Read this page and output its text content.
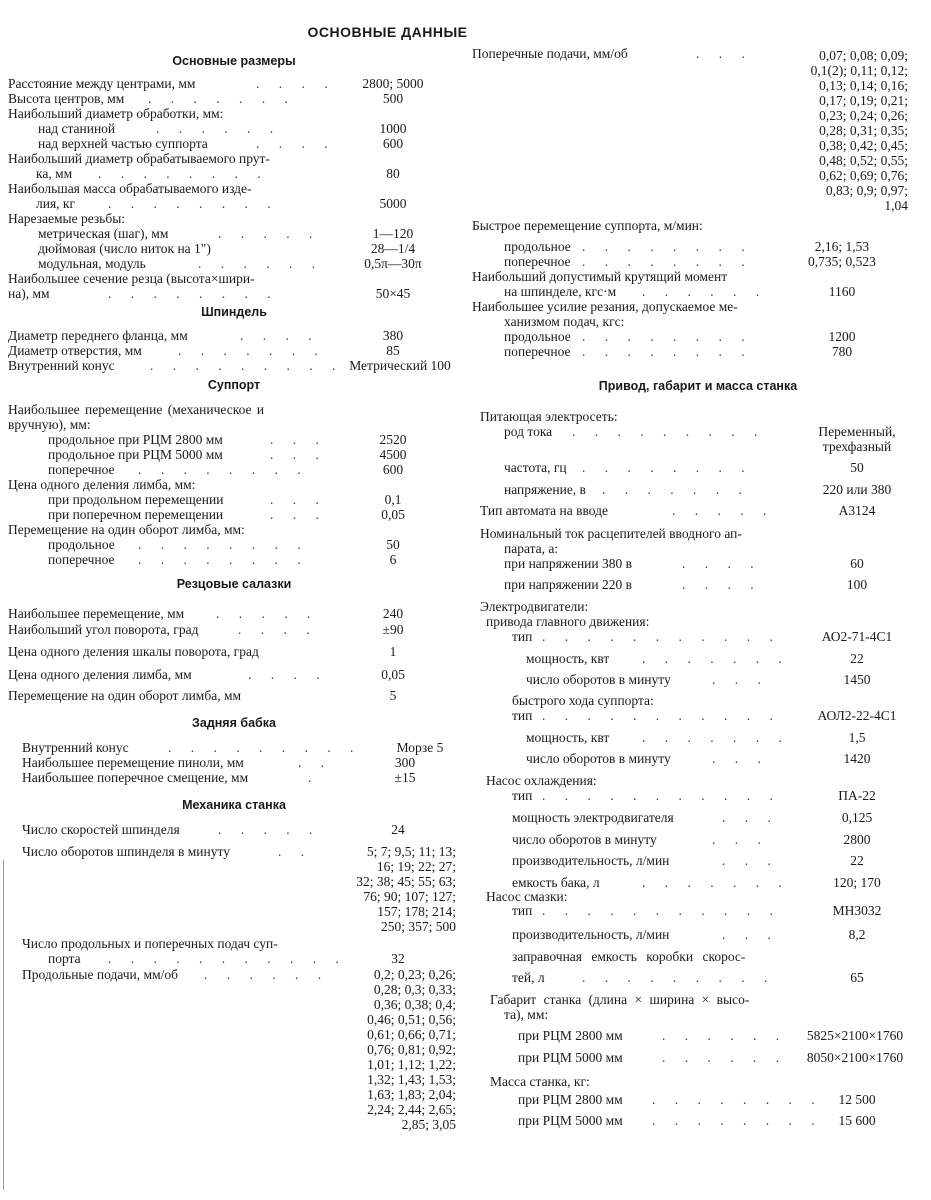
ОСНОВНЫЕ ДАННЫЕ
Основные размеры
. . . .
Расстояние между центрами, мм	2800; 5000
. . . . . . .
Высота центров, мм	500
Наибольший диаметр обработки, мм:
. . . . . .
над станиной	1000
. . . .
над верхней частью суппорта	600
Наибольший диаметр обрабатываемого прут-
. . . . . . . .
ка, мм	80
Наибольшая масса обрабатываемого изде-
. . . . . . . .
лия, кг	5000
Нарезаемые резьбы:
. . . . .
метрическая (шаг), мм	1—120
дюймовая (число ниток на 1")	28—1/4
. . . . . .
модульная, модуль	0,5π—30π
Наибольшее сечение резца (высота×шири-
. . . . . . . .
на), мм	50×45
Шпиндель
. . . .
Диаметр переднего фланца, мм	380
. . . . . . .
Диаметр отверстия, мм	85
. . . . . . . . .
Внутренний конус	Метрический 100
Суппорт
Наибольшее перемещение (механическое и
вручную), мм:
. . .
продольное при РЦМ 2800 мм	2520
. . .
продольное при РЦМ 5000 мм	4500
. . . . . . . .
поперечное	600
Цена одного деления лимба, мм:
. . .
при продольном перемещении	0,1
. . .
при поперечном перемещении	0,05
Перемещение на один оборот лимба, мм:
. . . . . . . .
продольное	50
. . . . . . . .
поперечное	6
Резцовые салазки
. . . . .
Наибольшее перемещение, мм	240
. . . .
Наибольший угол поворота, град	±90
Цена одного деления шкалы поворота, град	1
. . . .
Цена одного деления лимба, мм	0,05
Перемещение на один оборот лимба, мм	5
Задняя бабка
. . . . . . . . .
Внутренний конус	Морзе 5
. .
Наибольшее перемещение пиноли, мм	300
.
Наибольшее поперечное смещение, мм	±15
Механика станка
. . . . .
Число скоростей шпинделя	24
. .
Число оборотов шпинделя в минуту	5; 7; 9,5; 11; 13;
16; 19; 22; 27;
32; 38; 45; 55; 63;
76; 90; 107; 127;
157; 178; 214;
250; 357; 500
Число продольных и поперечных подач суп-
. . . . . . . . . . .
порта	32
. . . . . .
Продольные подачи, мм/об	0,2; 0,23; 0,26;
0,28; 0,3; 0,33;
0,36; 0,38; 0,4;
0,46; 0,51; 0,56;
0,61; 0,66; 0,71;
0,76; 0,81; 0,92;
1,01; 1,12; 1,22;
1,32; 1,43; 1,53;
1,63; 1,83; 2,04;
2,24; 2,44; 2,65;
2,85; 3,05
. . .
Поперечные подачи, мм/об	0,07; 0,08; 0,09;
0,1(2); 0,11; 0,12;
0,13; 0,14; 0,16;
0,17; 0,19; 0,21;
0,23; 0,24; 0,26;
0,28; 0,31; 0,35;
0,38; 0,42; 0,45;
0,48; 0,52; 0,55;
0,62; 0,69; 0,76;
0,83; 0,9; 0,97;
1,04
Быстрое перемещение суппорта, м/мин:
. . . . . . . .
продольное	2,16; 1,53
. . . . . . . .
поперечное	0,735; 0,523
Наибольший допустимый крутящий момент
. . . . . .
на шпинделе, кгс·м	1160
Наибольшее усилие резания, допускаемое ме-
ханизмом подач, кгс:
. . . . . . . .
продольное	1200
. . . . . . . .
поперечное	780
Привод, габарит и масса станка
Питающая электросеть:
. . . . . . . . .
род тока	Переменный,
трехфазный
. . . . . . . .
частота, гц	50
. . . . . . .
напряжение, в	220 или 380
. . . . .
Тип автомата на вводе	А3124
Номинальный ток расцепителей вводного ап-
парата, а:
. . . .
при напряжении 380 в	60
. . . .
при напряжении 220 в	100
Электродвигатели:
привода главного движения:
. . . . . . . . . . .
тип	АО2-71-4С1
. . . . . . .
мощность, квт	22
. . .
число оборотов в минуту	1450
быстрого хода суппорта:
. . . . . . . . . . .
тип	АОЛ2-22-4С1
. . . . . . .
мощность, квт	1,5
. . .
число оборотов в минуту	1420
Насос охлаждения:
. . . . . . . . . . .
тип	ПА-22
. . .
мощность электродвигателя	0,125
. . .
число оборотов в минуту	2800
. . .
производительность, л/мин	22
. . . . . . .
емкость бака, л	120; 170
Насос смазки:
. . . . . . . . . . .
тип	МН3032
. . .
производительность, л/мин	8,2
заправочная емкость коробки скорос-
. . . . . . . . .
тей, л	65
Габарит станка (длина × ширина × высо-
та), мм:
. . . . . .
при РЦМ 2800 мм	5825×2100×1760
. . . . . .
при РЦМ 5000 мм	8050×2100×1760
Масса станка, кг:
. . . . . . . .
при РЦМ 2800 мм	12 500
. . . . . . . .
при РЦМ 5000 мм	15 600
